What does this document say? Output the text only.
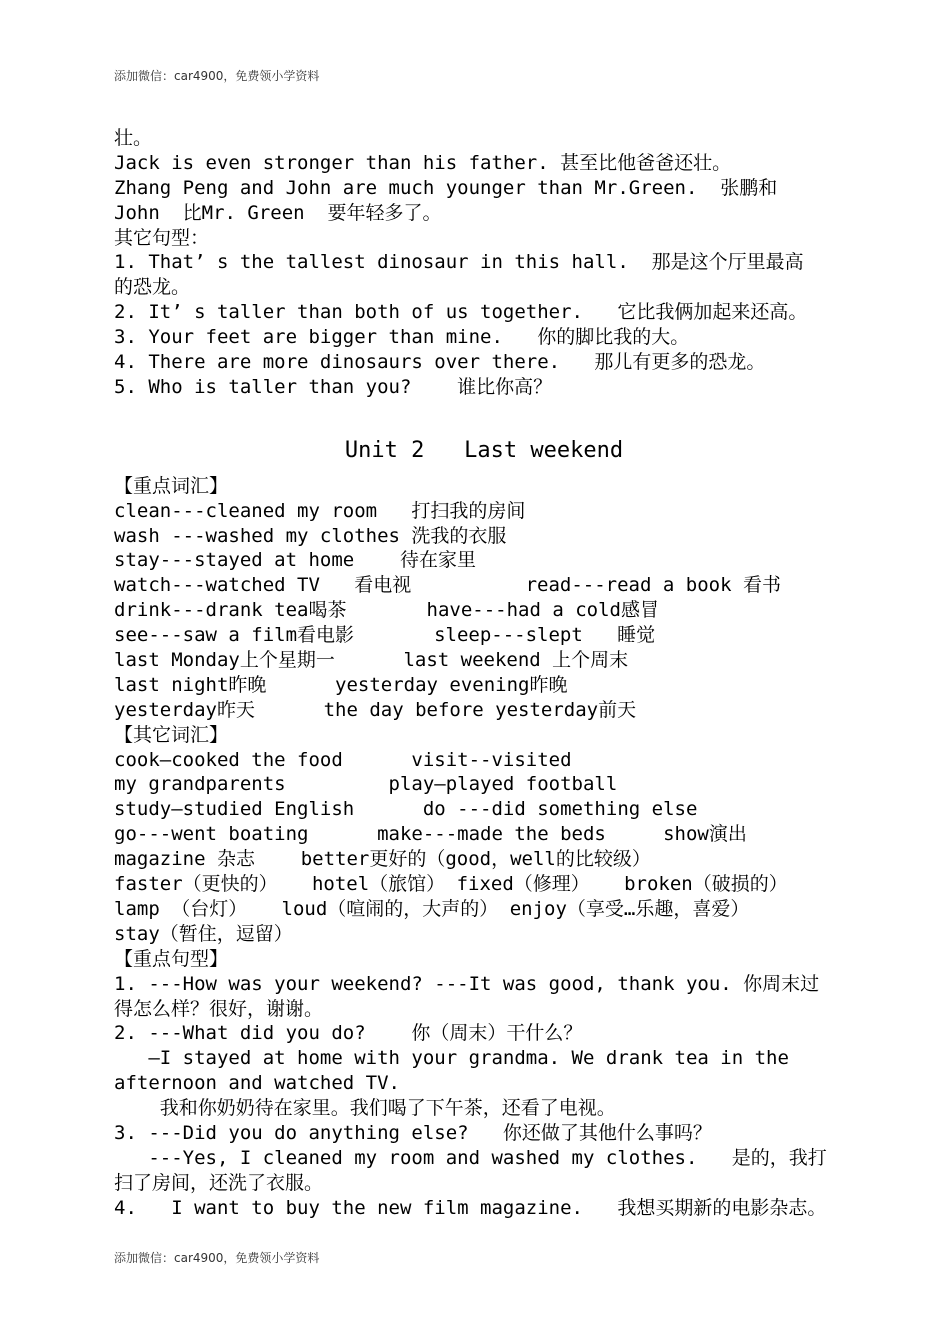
添加微信：car4900，免费领小学资料
壮。
Jack is even stronger than his father. 甚至比他爸爸还壮。
Zhang Peng and John are much younger than Mr.Green.  张鹏和
John  比Mr. Green  要年轻多了。
其它句型：
1. That’ s the tallest dinosaur in this hall.  那是这个厅里最高
的恐龙。
2. It’ s taller than both of us together.   它比我俩加起来还高。
3. Your feet are bigger than mine.   你的脚比我的大。
4. There are more dinosaurs over there.   那儿有更多的恐龙。
5. Who is taller than you?    谁比你高？
Unit 2   Last weekend
【重点词汇】
clean---cleaned my room   打扫我的房间
wash ---washed my clothes 洗我的衣服
stay---stayed at home    待在家里
watch---watched TV   看电视          read---read a book 看书
drink---drank tea喝茶       have---had a cold感冒
see---saw a film看电影       sleep---slept   睡觉
last Monday上个星期一      last weekend 上个周末
last night昨晚      yesterday evening昨晚
yesterday昨天      the day before yesterday前天
【其它词汇】
cook—cooked the food      visit--visited
my grandparents         play—played football
study—studied English      do ---did something else
go---went boating      make---made the beds     show演出
magazine 杂志    better更好的（good，well的比较级）
faster（更快的）   hotel（旅馆） fixed（修理）   broken（破损的）
lamp （台灯）   loud（喧闹的，大声的） enjoy（享受…乐趣，喜爱）
stay（暂住，逗留）
【重点句型】
1. ---How was your weekend? ---It was good, thank you. 你周末过
得怎么样？很好，谢谢。
2. ---What did you do?    你（周末）干什么？
—I stayed at home with your grandma. We drank tea in the
afternoon and watched TV.
我和你奶奶待在家里。我们喝了下午茶，还看了电视。
3. ---Did you do anything else?   你还做了其他什么事吗？
---Yes, I cleaned my room and washed my clothes.   是的，我打
扫了房间，还洗了衣服。
4.   I want to buy the new film magazine.   我想买期新的电影杂志。
添加微信：car4900，免费领小学资料
